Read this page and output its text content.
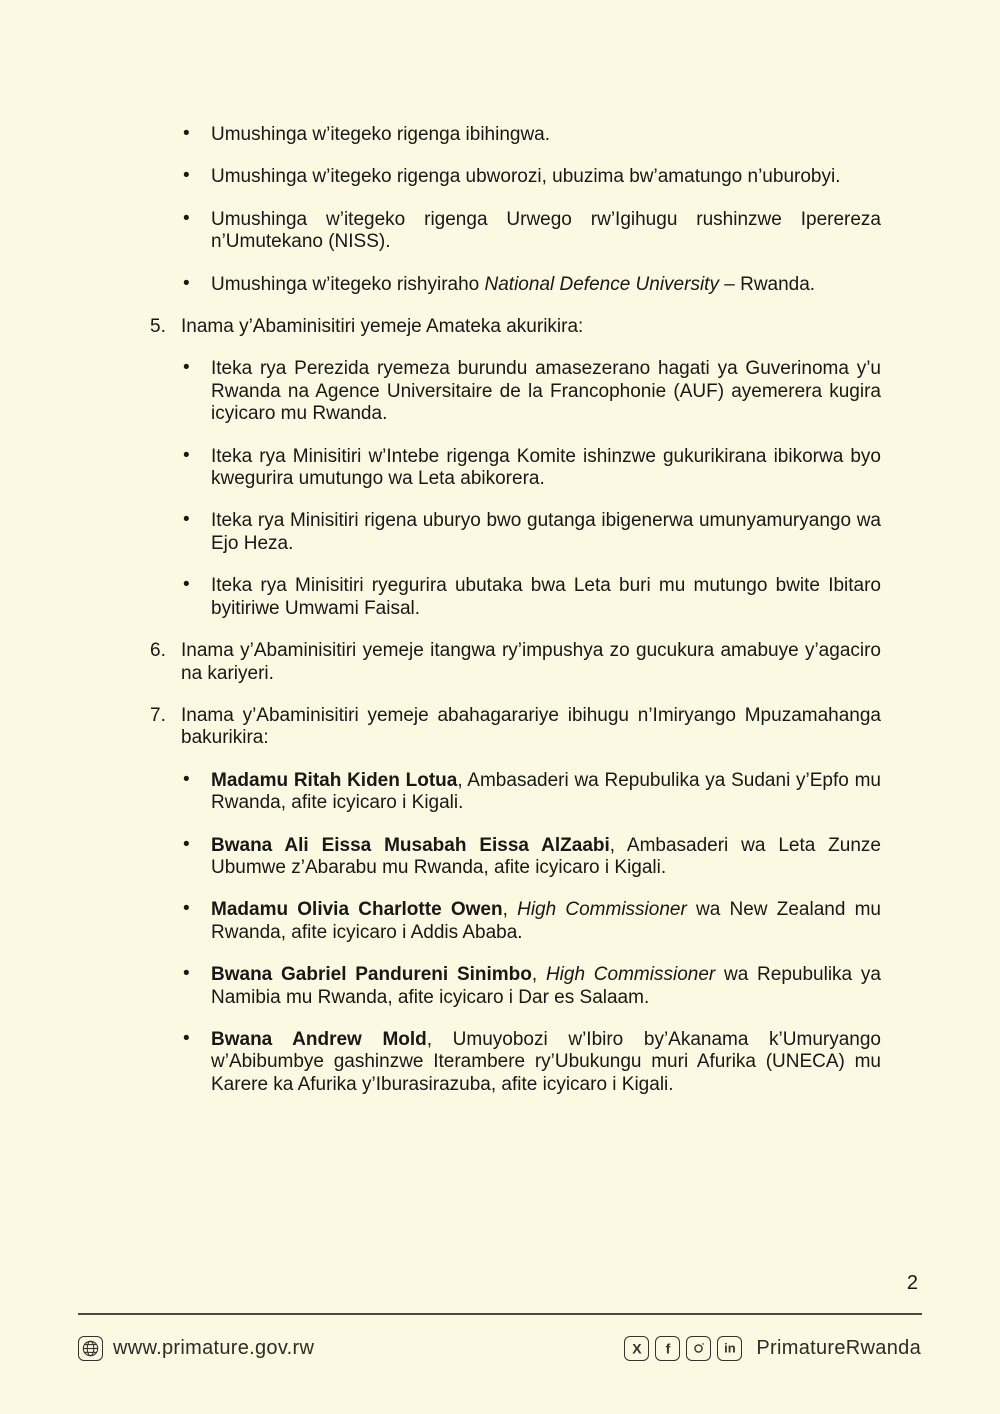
• Umushinga w’itegeko rigenga ibihingwa.
• Umushinga w’itegeko rigenga ubworozi, ubuzima bw’amatungo n’uburobyi.
• Umushinga w’itegeko rigenga Urwego rw’Igihugu rushinzwe Iperereza n’Umutekano (NISS).
• Umushinga w’itegeko rishyiraho National Defence University – Rwanda.
5. Inama y’Abaminisitiri yemeje Amateka akurikira:
• Iteka rya Perezida ryemeza burundu amasezerano hagati ya Guverinoma y’u Rwanda na Agence Universitaire de la Francophonie (AUF) ayemerera kugira icyicaro mu Rwanda.
• Iteka rya Minisitiri w’Intebe rigenga Komite ishinzwe gukurikirana ibikorwa byo kwegurira umutungo wa Leta abikorera.
• Iteka rya Minisitiri rigena uburyo bwo gutanga ibigenerwa umunyamuryango wa Ejo Heza.
• Iteka rya Minisitiri ryegurira ubutaka bwa Leta buri mu mutungo bwite Ibitaro byitiriwe Umwami Faisal.
6. Inama y’Abaminisitiri yemeje itangwa ry’impushya zo gucukura amabuye y’agaciro na kariyeri.
7. Inama y’Abaminisitiri yemeje abahagarariye ibihugu n’Imiryango Mpuzamahanga bakurikira:
• Madamu Ritah Kiden Lotua, Ambasaderi wa Repubulika ya Sudani y’Epfo mu Rwanda, afite icyicaro i Kigali.
• Bwana Ali Eissa Musabah Eissa AlZaabi, Ambasaderi wa Leta Zunze Ubumwe z’Abarabu mu Rwanda, afite icyicaro i Kigali.
• Madamu Olivia Charlotte Owen, High Commissioner wa New Zealand mu Rwanda, afite icyicaro i Addis Ababa.
• Bwana Gabriel Pandureni Sinimbo, High Commissioner wa Repubulika ya Namibia mu Rwanda, afite icyicaro i Dar es Salaam.
• Bwana Andrew Mold, Umuyobozi w’Ibiro by’Akanama k’Umuryango w’Abibumbye gashinzwe Iterambere ry’Ubukungu muri Afurika (UNECA) mu Karere ka Afurika y’Iburasirazuba, afite icyicaro i Kigali.
2
www.primature.gov.rw	X f	in PrimatureRwanda
